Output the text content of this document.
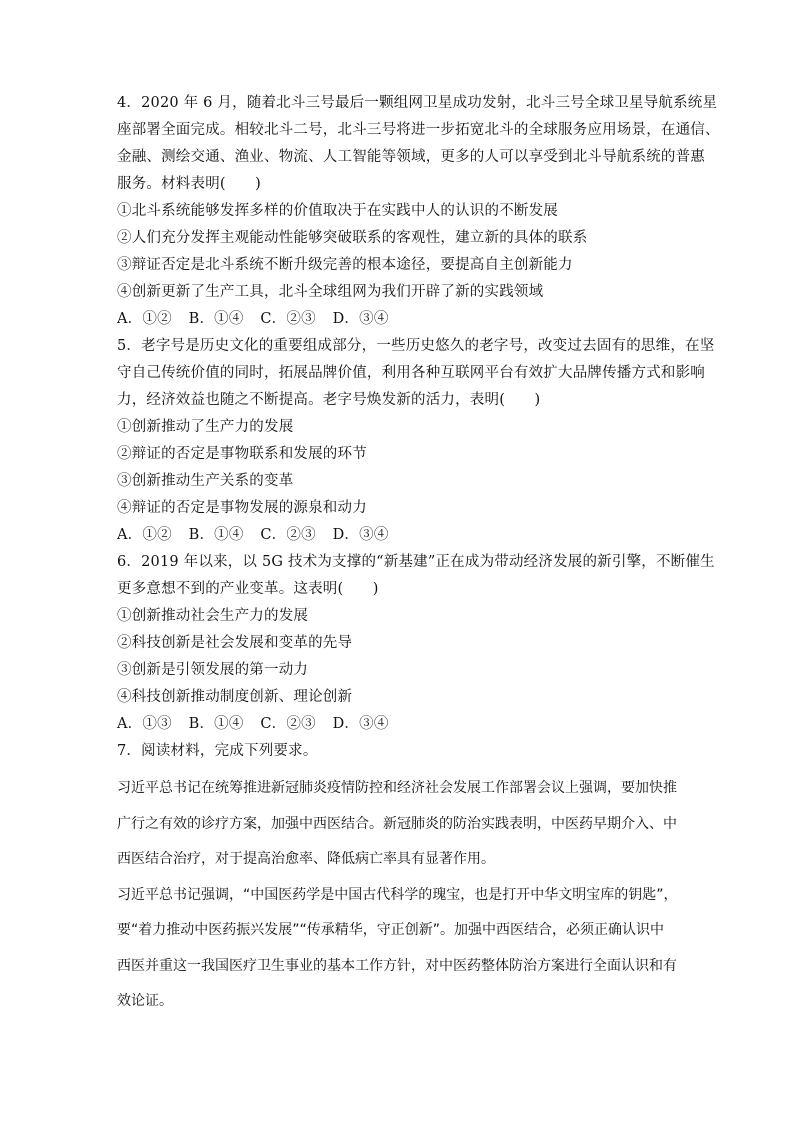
4．2020 年 6 月，随着北斗三号最后一颗组网卫星成功发射，北斗三号全球卫星导航系统星
座部署全面完成。相较北斗二号，北斗三号将进一步拓宽北斗的全球服务应用场景，在通信、
金融、测绘交通、渔业、物流、人工智能等领域，更多的人可以享受到北斗导航系统的普惠
服务。材料表明(　　)
①北斗系统能够发挥多样的价值取决于在实践中人的认识的不断发展
②人们充分发挥主观能动性能够突破联系的客观性，建立新的具体的联系
③辩证否定是北斗系统不断升级完善的根本途径，要提高自主创新能力
④创新更新了生产工具，北斗全球组网为我们开辟了新的实践领域
A．①② B．①④ C．②③ D．③④
5．老字号是历史文化的重要组成部分，一些历史悠久的老字号，改变过去固有的思维，在坚
守自己传统价值的同时，拓展品牌价值，利用各种互联网平台有效扩大品牌传播方式和影响
力，经济效益也随之不断提高。老字号焕发新的活力，表明(　　)
①创新推动了生产力的发展
②辩证的否定是事物联系和发展的环节
③创新推动生产关系的变革
④辩证的否定是事物发展的源泉和动力
A．①② B．①④ C．②③ D．③④
6．2019 年以来，以 5G 技术为支撑的“新基建”正在成为带动经济发展的新引擎，不断催生
更多意想不到的产业变革。这表明(　　)
①创新推动社会生产力的发展
②科技创新是社会发展和变革的先导
③创新是引领发展的第一动力
④科技创新推动制度创新、理论创新
A．①③ B．①④ C．②③ D．③④
7．阅读材料，完成下列要求。
习近平总书记在统筹推进新冠肺炎疫情防控和经济社会发展工作部署会议上强调，要加快推
广行之有效的诊疗方案，加强中西医结合。新冠肺炎的防治实践表明，中医药早期介入、中
西医结合治疗，对于提高治愈率、降低病亡率具有显著作用。
习近平总书记强调，“中国医药学是中国古代科学的瑰宝，也是打开中华文明宝库的钥匙”，
要“着力推动中医药振兴发展”“传承精华，守正创新”。加强中西医结合，必须正确认识中
西医并重这一我国医疗卫生事业的基本工作方针，对中医药整体防治方案进行全面认识和有
效论证。
